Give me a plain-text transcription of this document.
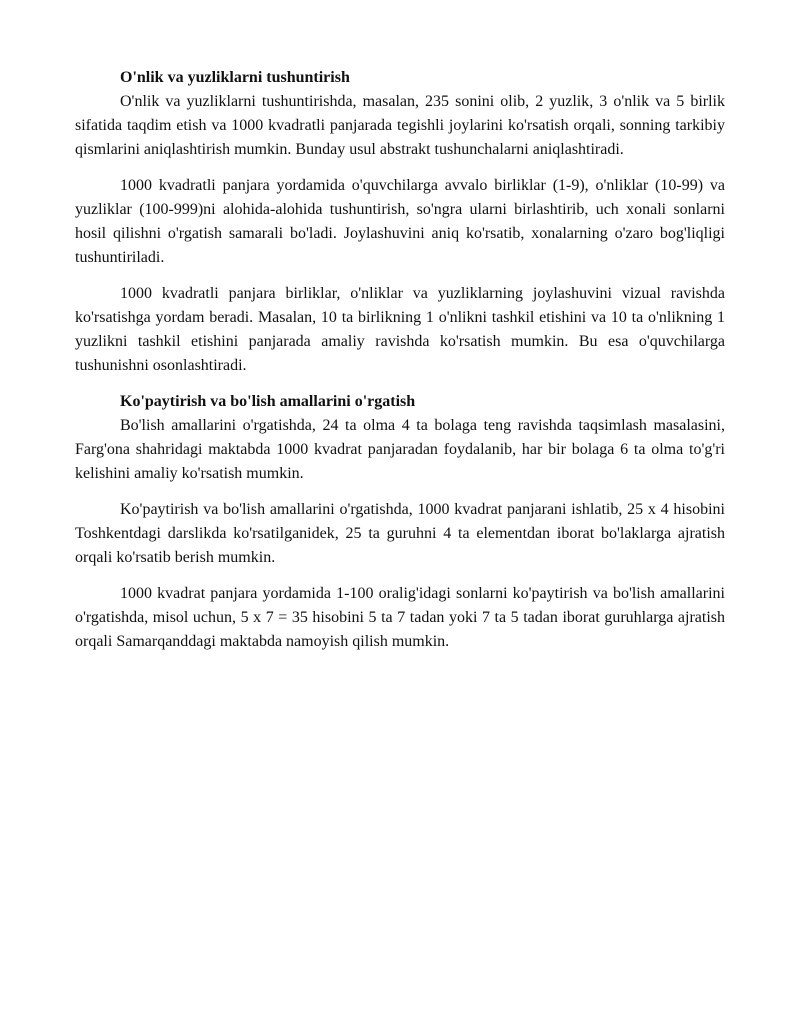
O'nlik va yuzliklarni tushuntirish

O'nlik va yuzliklarni tushuntirishda, masalan, 235 sonini olib, 2 yuzlik, 3 o'nlik va 5 birlik sifatida taqdim etish va 1000 kvadratli panjarada tegishli joylarini ko'rsatish orqali, sonning tarkibiy qismlarini aniqlashtirish mumkin. Bunday usul abstrakt tushunchalarni aniqlashtiradi.

1000 kvadratli panjara yordamida o'quvchilarga avvalo birliklar (1-9), o'nliklar (10-99) va yuzliklar (100-999)ni alohida-alohida tushuntirish, so'ngra ularni birlashtirib, uch xonali sonlarni hosil qilishni o'rgatish samarali bo'ladi. Joylashuvini aniq ko'rsatib, xonalarning o'zaro bog'liqligi tushuntiriladi.

1000 kvadratli panjara birliklar, o'nliklar va yuzliklarning joylashuvini vizual ravishda ko'rsatishga yordam beradi. Masalan, 10 ta birlikning 1 o'nlikni tashkil etishini va 10 ta o'nlikning 1 yuzlikni tashkil etishini panjarada amaliy ravishda ko'rsatish mumkin. Bu esa o'quvchilarga tushunishni osonlashtiradi.

Ko'paytirish va bo'lish amallarini o'rgatish

Bo'lish amallarini o'rgatishda, 24 ta olma 4 ta bolaga teng ravishda taqsimlash masalasini, Farg'ona shahridagi maktabda 1000 kvadrat panjaradan foydalanib, har bir bolaga 6 ta olma to'g'ri kelishini amaliy ko'rsatish mumkin.

Ko'paytirish va bo'lish amallarini o'rgatishda, 1000 kvadrat panjarani ishlatib, 25 x 4 hisobini Toshkentdagi darslikda ko'rsatilganidek, 25 ta guruhni 4 ta elementdan iborat bo'laklarga ajratish orqali ko'rsatib berish mumkin.

1000 kvadrat panjara yordamida 1-100 oralig'idagi sonlarni ko'paytirish va bo'lish amallarini o'rgatishda, misol uchun, 5 x 7 = 35 hisobini 5 ta 7 tadan yoki 7 ta 5 tadan iborat guruhlarga ajratish orqali Samarqanddagi maktabda namoyish qilish mumkin.
